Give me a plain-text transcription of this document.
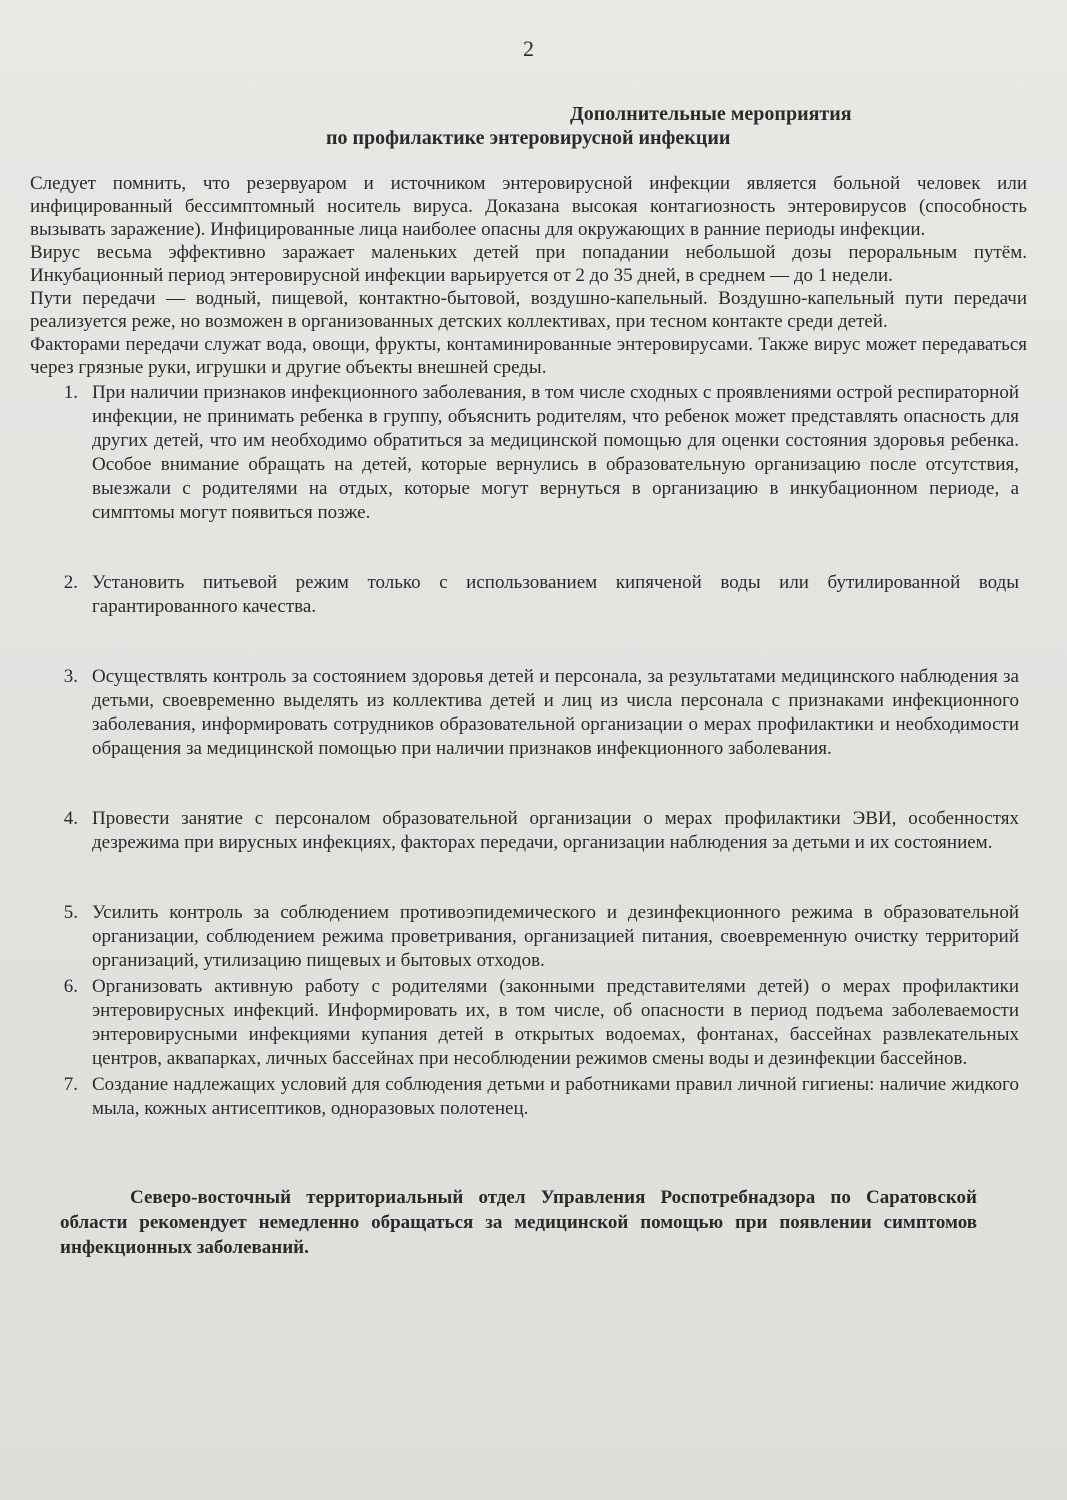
2
Дополнительные мероприятия
по профилактике энтеровирусной инфекции

Следует помнить, что резервуаром и источником энтеровирусной инфекции является больной человек или инфицированный бессимптомный носитель вируса. Доказана высокая контагиозность энтеровирусов (способность вызывать заражение). Инфицированные лица наиболее опасны для окружающих в ранние периоды инфекции.

Вирус весьма эффективно заражает маленьких детей при попадании небольшой дозы пероральным путём. Инкубационный период энтеровирусной инфекции варьируется от 2 до 35 дней, в среднем — до 1 недели.

Пути передачи — водный, пищевой, контактно-бытовой, воздушно-капельный. Воздушно-капельный пути передачи реализуется реже, но возможен в организованных детских коллективах, при тесном контакте среди детей.

Факторами передачи служат вода, овощи, фрукты, контаминированные энтеровирусами. Также вирус может передаваться через грязные руки, игрушки и другие объекты внешней среды.

1. При наличии признаков инфекционного заболевания, в том числе сходных с проявлениями острой респираторной инфекции, не принимать ребенка в группу, объяснить родителям, что ребенок может представлять опасность для других детей, что им необходимо обратиться за медицинской помощью для оценки состояния здоровья ребенка. Особое внимание обращать на детей, которые вернулись в образовательную организацию после отсутствия, выезжали с родителями на отдых, которые могут вернуться в организацию в инкубационном периоде, а симптомы могут появиться позже.
2. Установить питьевой режим только с использованием кипяченой воды или бутилированной воды гарантированного качества.
3. Осуществлять контроль за состоянием здоровья детей и персонала, за результатами медицинского наблюдения за детьми, своевременно выделять из коллектива детей и лиц из числа персонала с признаками инфекционного заболевания, информировать сотрудников образовательной организации о мерах профилактики и необходимости обращения за медицинской помощью при наличии признаков инфекционного заболевания.
4. Провести занятие с персоналом образовательной организации о мерах профилактики ЭВИ, особенностях дезрежима при вирусных инфекциях, факторах передачи, организации наблюдения за детьми и их состоянием.
5. Усилить контроль за соблюдением противоэпидемического и дезинфекционного режима в образовательной организации, соблюдением режима проветривания, организацией питания, своевременную очистку территорий организаций, утилизацию пищевых и бытовых отходов.
6. Организовать активную работу с родителями (законными представителями детей) о мерах профилактики энтеровирусных инфекций. Информировать их, в том числе, об опасности в период подъема заболеваемости энтеровирусными инфекциями купания детей в открытых водоемах, фонтанах, бассейнах развлекательных центров, аквапарках, личных бассейнах при несоблюдении режимов смены воды и дезинфекции бассейнов.
7. Создание надлежащих условий для соблюдения детьми и работниками правил личной гигиены: наличие жидкого мыла, кожных антисептиков, одноразовых полотенец.

Северо-восточный территориальный отдел Управления Роспотребнадзора по Саратовской области рекомендует немедленно обращаться за медицинской помощью при появлении симптомов инфекционных заболеваний.
